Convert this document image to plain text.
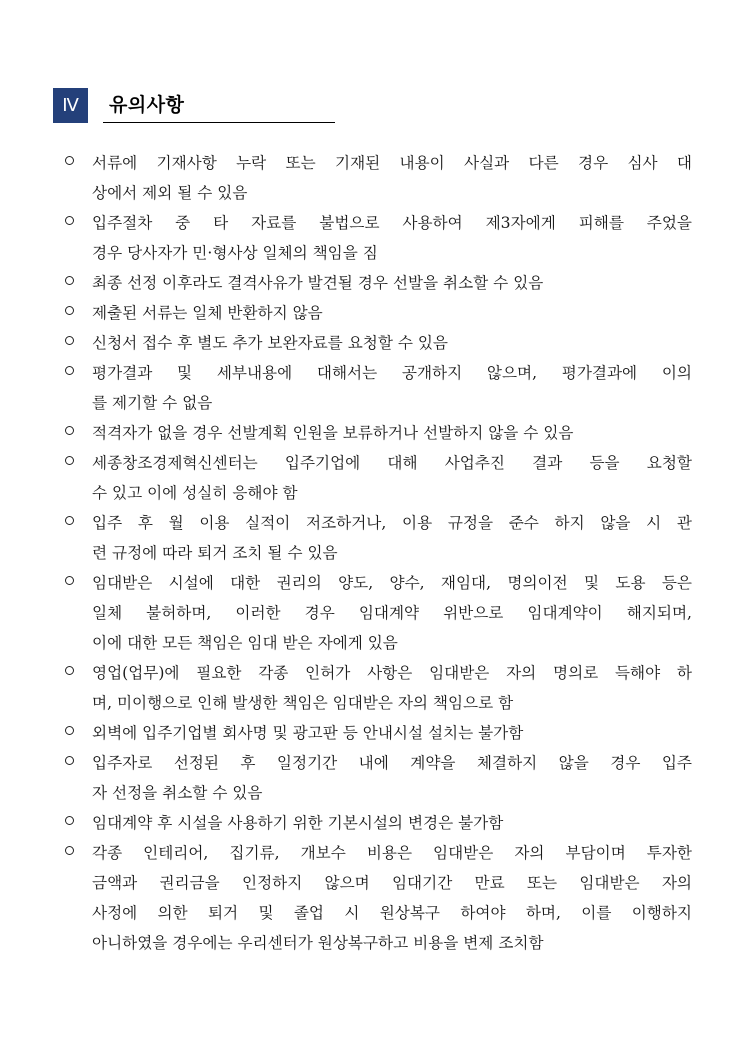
Ⅳ	유의사항
서류에 기재사항 누락 또는 기재된 내용이 사실과 다른 경우 심사 대
상에서 제외 될 수 있음
입주절차 중 타 자료를 불법으로 사용하여 제3자에게 피해를 주었을
경우 당사자가 민·형사상 일체의 책임을 짐
최종 선정 이후라도 결격사유가 발견될 경우 선발을 취소할 수 있음
제출된 서류는 일체 반환하지 않음
신청서 접수 후 별도 추가 보완자료를 요청할 수 있음
평가결과 및 세부내용에 대해서는 공개하지 않으며, 평가결과에 이의
를 제기할 수 없음
적격자가 없을 경우 선발계획 인원을 보류하거나 선발하지 않을 수 있음
세종창조경제혁신센터는 입주기업에 대해 사업추진 결과 등을 요청할
수 있고 이에 성실히 응해야 함
입주 후 월 이용 실적이 저조하거나, 이용 규정을 준수 하지 않을 시 관
련 규정에 따라 퇴거 조치 될 수 있음
임대받은 시설에 대한 권리의 양도, 양수, 재임대, 명의이전 및 도용 등은
일체 불허하며, 이러한 경우 임대계약 위반으로 임대계약이 해지되며,
이에 대한 모든 책임은 임대 받은 자에게 있음
영업(업무)에 필요한 각종 인허가 사항은 임대받은 자의 명의로 득해야 하
며, 미이행으로 인해 발생한 책임은 임대받은 자의 책임으로 함
외벽에 입주기업별 회사명 및 광고판 등 안내시설 설치는 불가함
입주자로 선정된 후 일정기간 내에 계약을 체결하지 않을 경우 입주
자 선정을 취소할 수 있음
임대계약 후 시설을 사용하기 위한 기본시설의 변경은 불가함
각종 인테리어, 집기류, 개보수 비용은 임대받은 자의 부담이며 투자한
금액과 권리금을 인정하지 않으며 임대기간 만료 또는 임대받은 자의
사정에 의한 퇴거 및 졸업 시 원상복구 하여야 하며, 이를 이행하지
아니하였을 경우에는 우리센터가 원상복구하고 비용을 변제 조치함
